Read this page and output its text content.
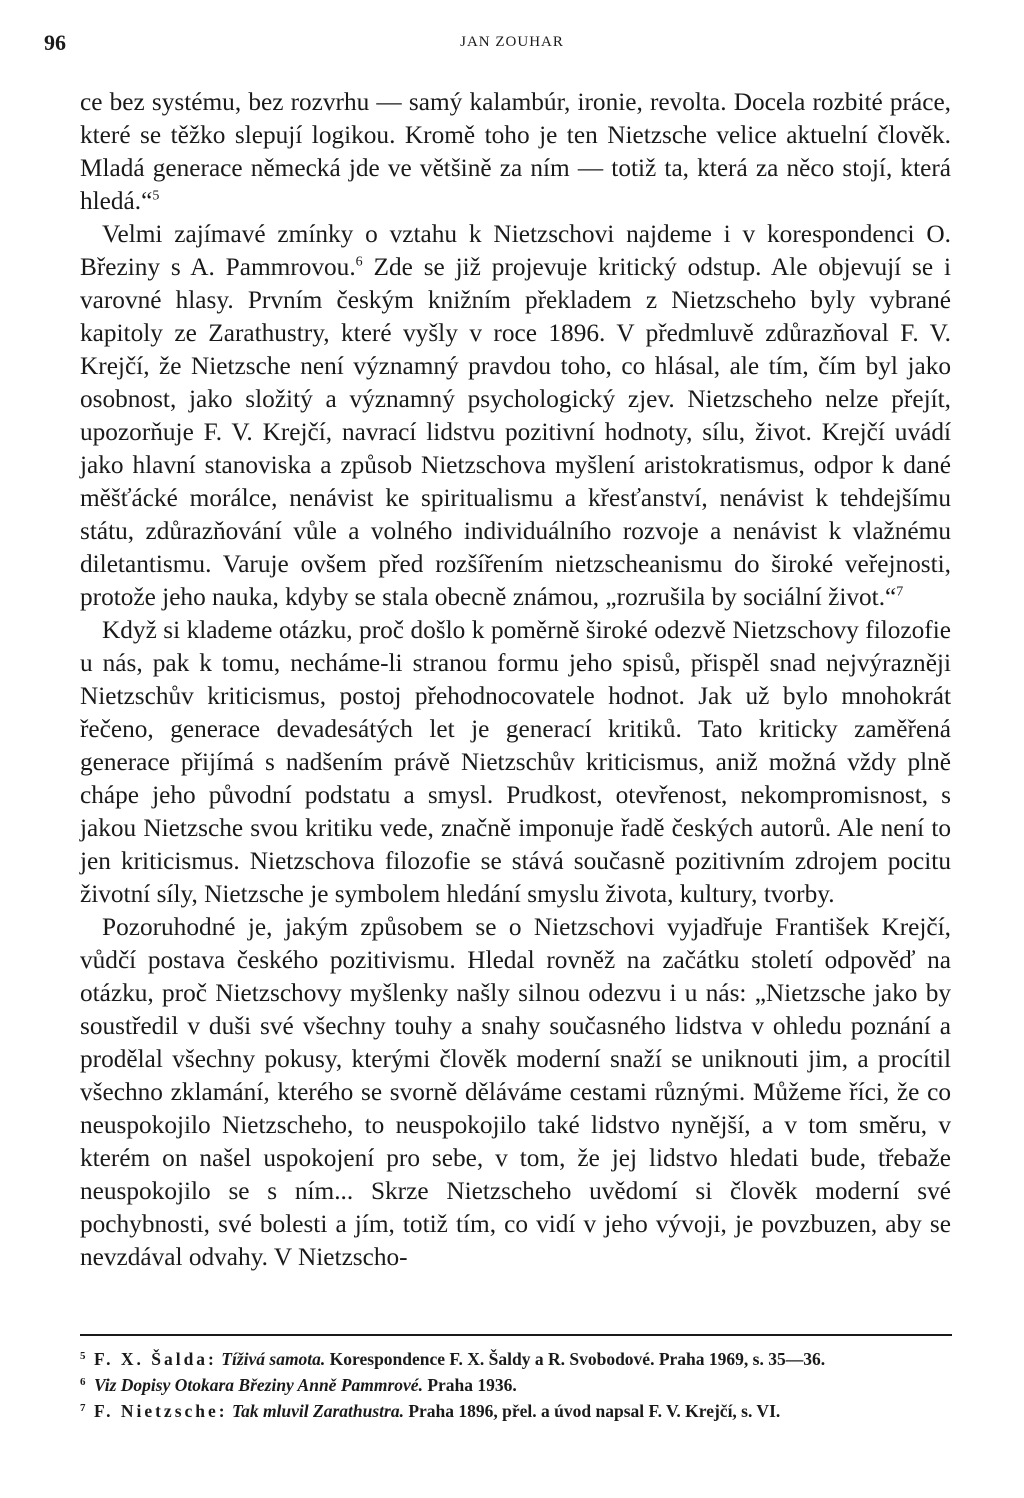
96	JAN ZOUHAR

ce bez systému, bez rozvrhu — samý kalambúr, ironie, revolta. Docela rozbité práce, které se těžko slepují logikou. Kromě toho je ten Nietzsche velice aktuelní člověk. Mladá generace německá jde ve většině za ním — totiž ta, která za něco stojí, která hledá.“$^5$

Velmi zajímavé zmínky o vztahu k Nietzschovi najdeme i v korespondenci O. Březiny s A. Pammrovou.$^6$ Zde se již projevuje kritický odstup. Ale objevují se i varovné hlasy. Prvním českým knižním překladem z Nietzscheho byly vybrané kapitoly ze Zarathustry, které vyšly v roce 1896. V předmluvě zdůrazňoval F. V. Krejčí, že Nietzsche není významný pravdou toho, co hlásal, ale tím, čím byl jako osobnost, jako složitý a významný psychologický zjev. Nietzscheho nelze přejít, upozorňuje F. V. Krejčí, navrací lidstvu pozitivní hodnoty, sílu, život. Krejčí uvádí jako hlavní stanoviska a způsob Nietzschova myšlení aristokratismus, odpor k dané měšťácké morálce, nenávist ke spiritualismu a křesťanství, nenávist k tehdejšímu státu, zdůrazňování vůle a volného individuálního rozvoje a nenávist k vlažnému diletantismu. Varuje ovšem před rozšířením nietzscheanismu do široké veřejnosti, protože jeho nauka, kdyby se stala obecně známou, „rozrušila by sociální život.“$^7$

Když si klademe otázku, proč došlo k poměrně široké odezvě Nietzschovy filozofie u nás, pak k tomu, necháme-li stranou formu jeho spisů, přispěl snad nejvýrazněji Nietzschův kriticismus, postoj přehodnocovatele hodnot. Jak už bylo mnohokrát řečeno, generace devadesátých let je generací kritiků. Tato kriticky zaměřená generace přijímá s nadšením právě Nietzschův kriticismus, aniž možná vždy plně chápe jeho původní podstatu a smysl. Prudkost, otevřenost, nekompromisnost, s jakou Nietzsche svou kritiku vede, značně imponuje řadě českých autorů. Ale není to jen kriticismus. Nietzschova filozofie se stává současně pozitivním zdrojem pocitu životní síly, Nietzsche je symbolem hledání smyslu života, kultury, tvorby.

Pozoruhodné je, jakým způsobem se o Nietzschovi vyjadřuje František Krejčí, vůdčí postava českého pozitivismu. Hledal rovněž na začátku století odpověď na otázku, proč Nietzschovy myšlenky našly silnou odezvu i u nás: „Nietzsche jako by soustředil v duši své všechny touhy a snahy současného lidstva v ohledu poznání a prodělal všechny pokusy, kterými člověk moderní snaží se uniknouti jim, a procítil všechno zklamání, kterého se svorně děláváme cestami různými. Můžeme říci, že co neuspokojilo Nietzscheho, to neuspokojilo také lidstvo nynější, a v tom směru, v kterém on našel uspokojení pro sebe, v tom, že jej lidstvo hledati bude, třebaže neuspokojilo se s ním... Skrze Nietzscheho uvědomí si člověk moderní své pochybnosti, své bolesti a jím, totiž tím, co vidí v jeho vývoji, je povzbuzen, aby se nevzdával odvahy. V Nietzscho-

5 F. X. Šalda: Tíživá samota. Korespondence F. X. Šaldy a R. Svobodové. Praha 1969, s. 35—36.
6 Viz Dopisy Otokara Březiny Anně Pammrové. Praha 1936.
7 F. Nietzsche: Tak mluvil Zarathustra. Praha 1896, přel. a úvod napsal F. V. Krejčí, s. VI.
